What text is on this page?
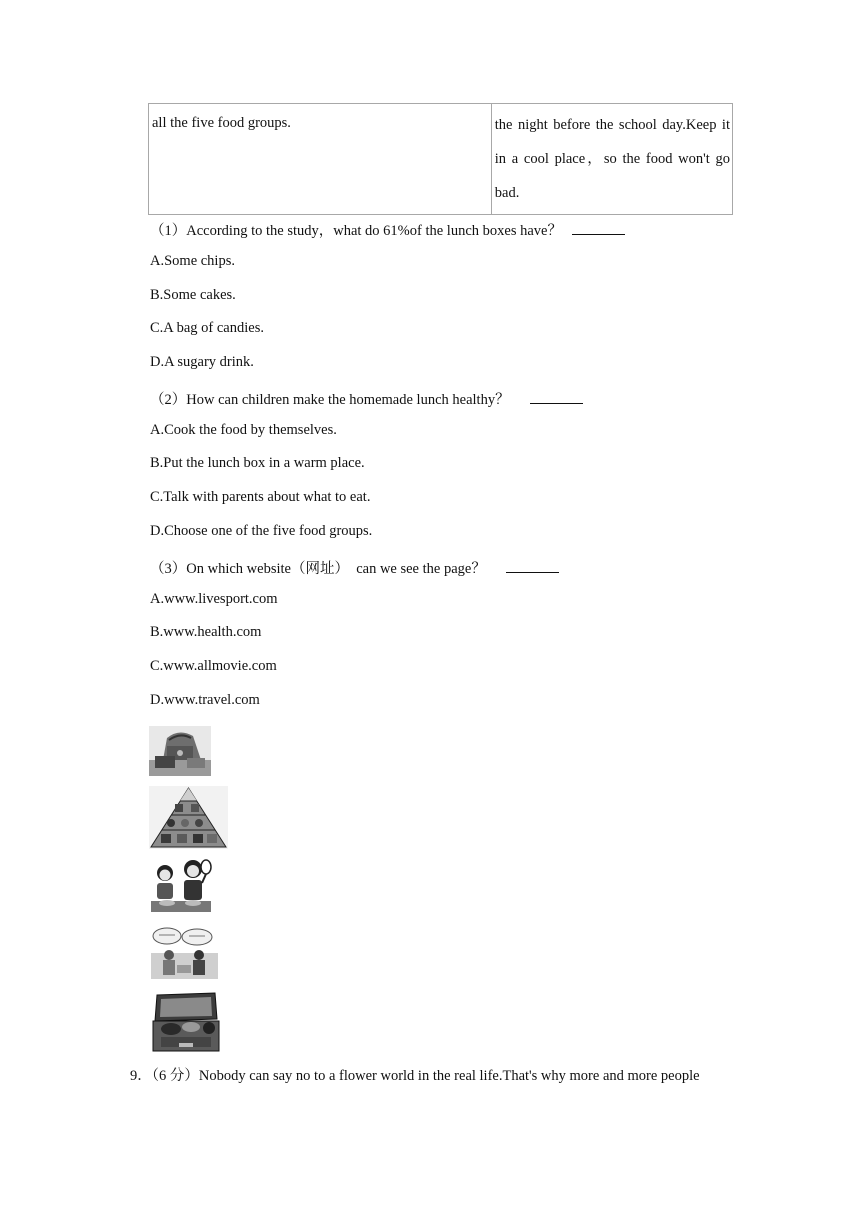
all the five food groups.	the night before the school day.Keep it in a cool place，so the food won't go bad.
（1）According to the study，what do 61%of the lunch boxes have？
A.Some chips.
B.Some cakes.
C.A bag of candies.
D.A sugary drink.
（2）How can children make the homemade lunch healthy？
A.Cook the food by themselves.
B.Put the lunch box in a warm place.
C.Talk with parents about what to eat.
D.Choose one of the five food groups.
（3）On which website（网址）  can we see the page？
A.www.livesport.com
B.www.health.com
C.www.allmovie.com
D.www.travel.com
9．（6 分）Nobody can say no to a flower world in the real life.That's why more and more people
